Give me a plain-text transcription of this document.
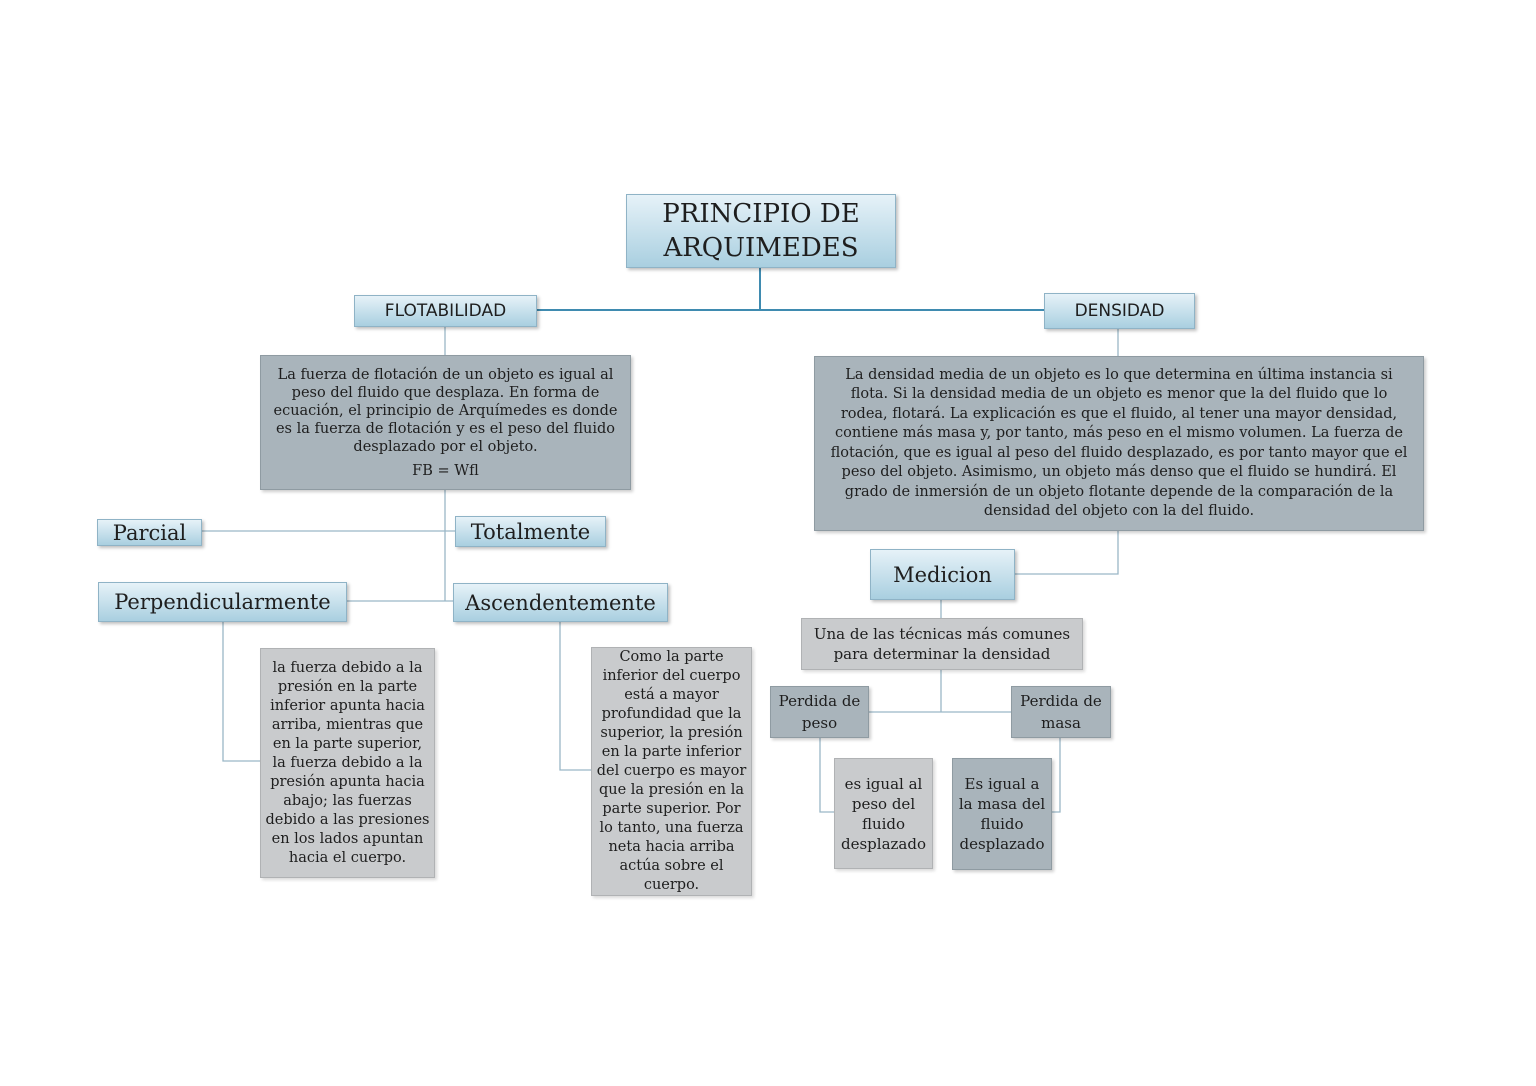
PRINCIPIO DE ARQUIMEDES
FLOTABILIDAD	DENSIDAD
La fuerza de flotación de un objeto es igual al peso del fluido que desplaza. En forma de ecuación, el principio de Arquímedes es donde es la fuerza de flotación y es el peso del fluido desplazado por el objeto.
FB = Wfl
Parcial	Totalmente
Perpendicularmente	Ascendentemente
la fuerza debido a la presión en la parte inferior apunta hacia arriba, mientras que en la parte superior, la fuerza debido a la presión apunta hacia abajo; las fuerzas debido a las presiones en los lados apuntan hacia el cuerpo.
Como la parte inferior del cuerpo está a mayor profundidad que la superior, la presión en la parte inferior del cuerpo es mayor que la presión en la parte superior. Por lo tanto, una fuerza neta hacia arriba actúa sobre el cuerpo.
La densidad media de un objeto es lo que determina en última instancia si flota. Si la densidad media de un objeto es menor que la del fluido que lo rodea, flotará. La explicación es que el fluido, al tener una mayor densidad, contiene más masa y, por tanto, más peso en el mismo volumen. La fuerza de flotación, que es igual al peso del fluido desplazado, es por tanto mayor que el peso del objeto. Asimismo, un objeto más denso que el fluido se hundirá. El grado de inmersión de un objeto flotante depende de la comparación de la densidad del objeto con la del fluido.
Medicion
Una de las técnicas más comunes para determinar la densidad
Perdida de peso
Perdida de masa
es igual al peso del fluido desplazado
Es igual a la masa del fluido desplazado
